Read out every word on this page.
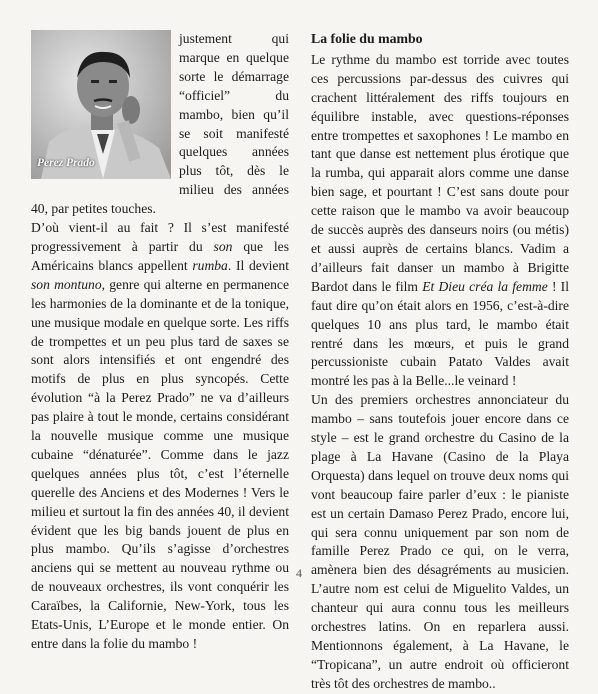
Perez Prado

justement qui marque en quelque sorte le démarrage “officiel” du mambo, bien qu’il se soit manifesté quelques années plus tôt, dès le milieu des années 40, par petites touches.

D’où vient-il au fait ? Il s’est manifesté progressivement à partir du son que les Américains blancs appellent rumba. Il devient son montuno, genre qui alterne en permanence les harmonies de la dominante et de la tonique, une musique modale en quelque sorte. Les riffs de trompettes et un peu plus tard de saxes se sont alors intensifiés et ont engendré des motifs de plus en plus syncopés. Cette évolution “à la Perez Prado” ne va d’ailleurs pas plaire à tout le monde, certains considérant la nouvelle musique comme une musique cubaine “dénaturée”. Comme dans le jazz quelques années plus tôt, c’est l’éternelle querelle des Anciens et des Modernes ! Vers le milieu et surtout la fin des années 40, il devient évident que les big bands jouent de plus en plus mambo. Qu’ils s’agisse d’orchestres anciens qui se mettent au nouveau rythme ou de nouveaux orchestres, ils vont conquérir les Caraïbes, la Californie, New-York, tous les Etats-Unis, L’Europe et le monde entier. On entre dans la folie du mambo !

La folie du mambo

Le rythme du mambo est torride avec toutes ces percussions par-dessus des cuivres qui crachent littéralement des riffs toujours en équilibre instable, avec questions-réponses entre trompettes et saxophones ! Le mambo en tant que danse est nettement plus érotique que la rumba, qui apparait alors comme une danse bien sage, et pourtant ! C’est sans doute pour cette raison que le mambo va avoir beaucoup de succès auprès des danseurs noirs (ou métis) et aussi auprès de certains blancs. Vadim a d’ailleurs fait danser un mambo à Brigitte Bardot dans le film Et Dieu créa la femme ! Il faut dire qu’on était alors en 1956, c’est-à-dire quelques 10 ans plus tard, le mambo était rentré dans les mœurs, et puis le grand percussioniste cubain Patato Valdes avait montré les pas à la Belle...le veinard !

Un des premiers orchestres annonciateur du mambo – sans toutefois jouer encore dans ce style – est le grand orchestre du Casino de la plage à La Havane (Casino de la Playa Orquesta) dans lequel on trouve deux noms qui vont beaucoup faire parler d’eux : le pianiste est un certain Damaso Perez Prado, encore lui, qui sera connu uniquement par son nom de famille Perez Prado ce qui, on le verra, amènera bien des désagréments au musicien. L’autre nom est celui de Miguelito Valdes, un chanteur qui aura connu tous les meilleurs orchestres latins. On en reparlera aussi. Mentionnons également, à La Havane, le “Tropicana”, un autre endroit où officieront très tôt des orchestres de mambo..

4
